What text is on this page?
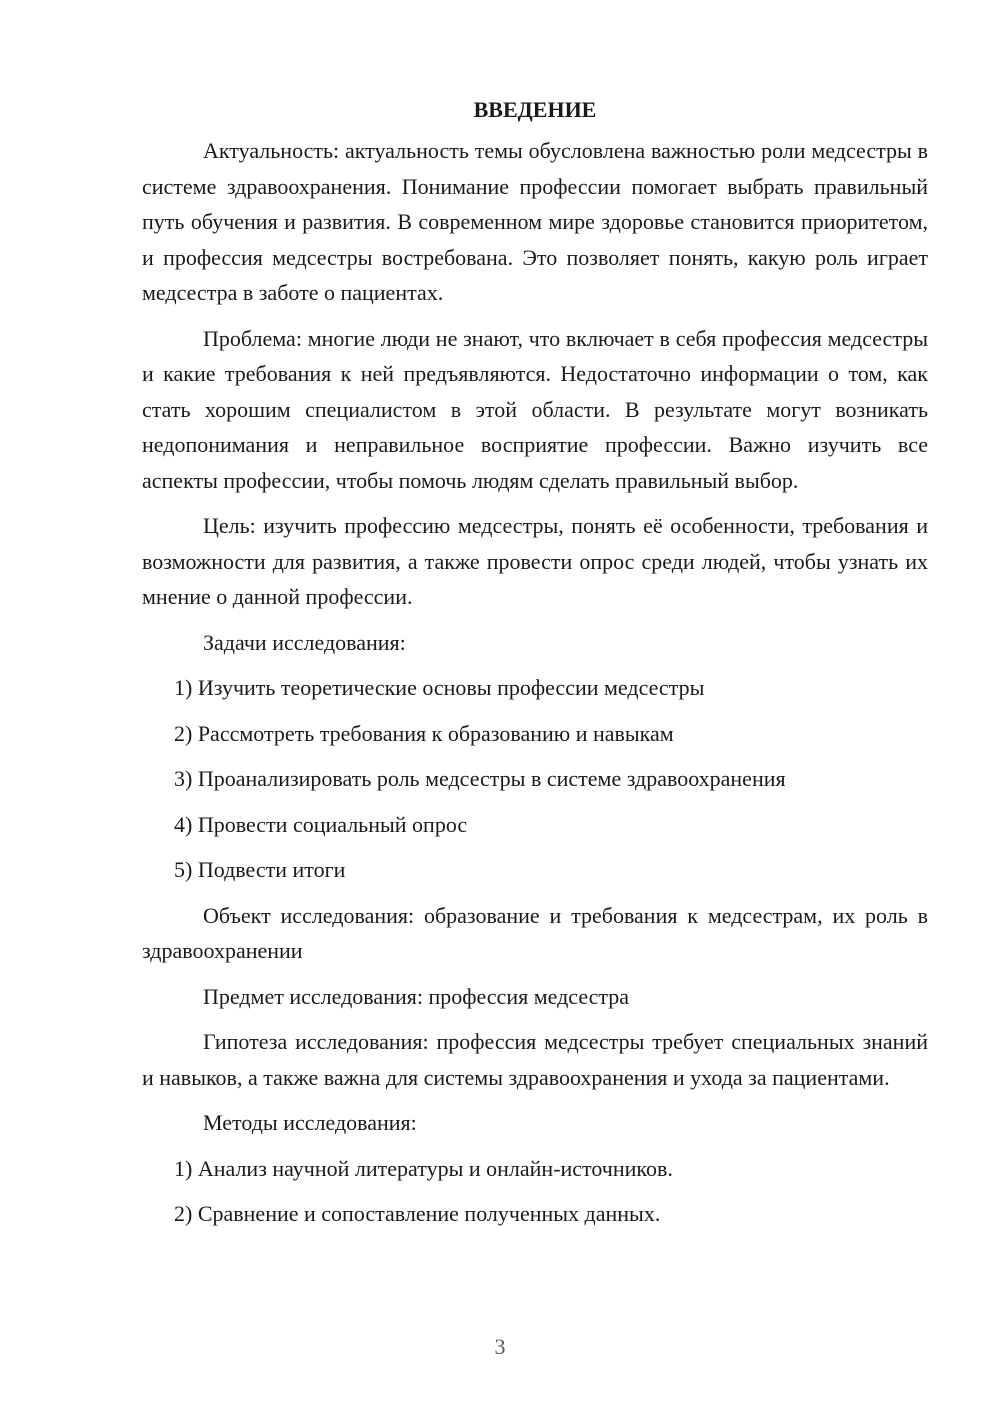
ВВЕДЕНИЕ
Актуальность: актуальность темы обусловлена важностью роли медсестры в системе здравоохранения. Понимание профессии помогает выбрать правильный путь обучения и развития. В современном мире здоровье становится приоритетом, и профессия медсестры востребована. Это позволяет понять, какую роль играет медсестра в заботе о пациентах.
Проблема: многие люди не знают, что включает в себя профессия медсестры и какие требования к ней предъявляются. Недостаточно информации о том, как стать хорошим специалистом в этой области. В результате могут возникать недопонимания и неправильное восприятие профессии. Важно изучить все аспекты профессии, чтобы помочь людям сделать правильный выбор.
Цель: изучить профессию медсестры, понять её особенности, требования и возможности для развития, а также провести опрос среди людей, чтобы узнать их мнение о данной профессии.
Задачи исследования:
1) Изучить теоретические основы профессии медсестры
2) Рассмотреть требования к образованию и навыкам
3) Проанализировать роль медсестры в системе здравоохранения
4) Провести социальный опрос
5) Подвести итоги
Объект исследования: образование и требования к медсестрам, их роль в здравоохранении
Предмет исследования: профессия медсестра
Гипотеза исследования: профессия медсестры требует специальных знаний и навыков, а также важна для системы здравоохранения и ухода за пациентами.
Методы исследования:
1) Анализ научной литературы и онлайн-источников.
2) Сравнение и сопоставление полученных данных.
3
